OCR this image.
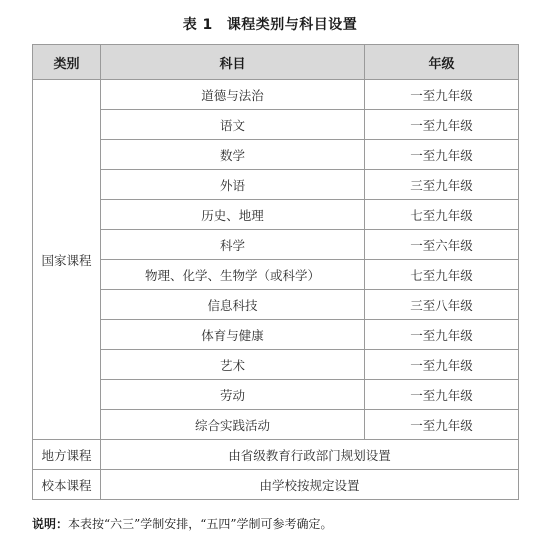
表 1 课程类别与科目设置
类别	科目	年级
国家课程	道德与法治	一至九年级
	语文	一至九年级
	数学	一至九年级
	外语	三至九年级
	历史、地理	七至九年级
	科学	一至六年级
	物理、化学、生物学（或科学）	七至九年级
	信息科技	三至八年级
	体育与健康	一至九年级
	艺术	一至九年级
	劳动	一至九年级
	综合实践活动	一至九年级
地方课程	由省级教育行政部门规划设置	
校本课程	由学校按规定设置	
说明：本表按“六三”学制安排，“五四”学制可参考确定。
